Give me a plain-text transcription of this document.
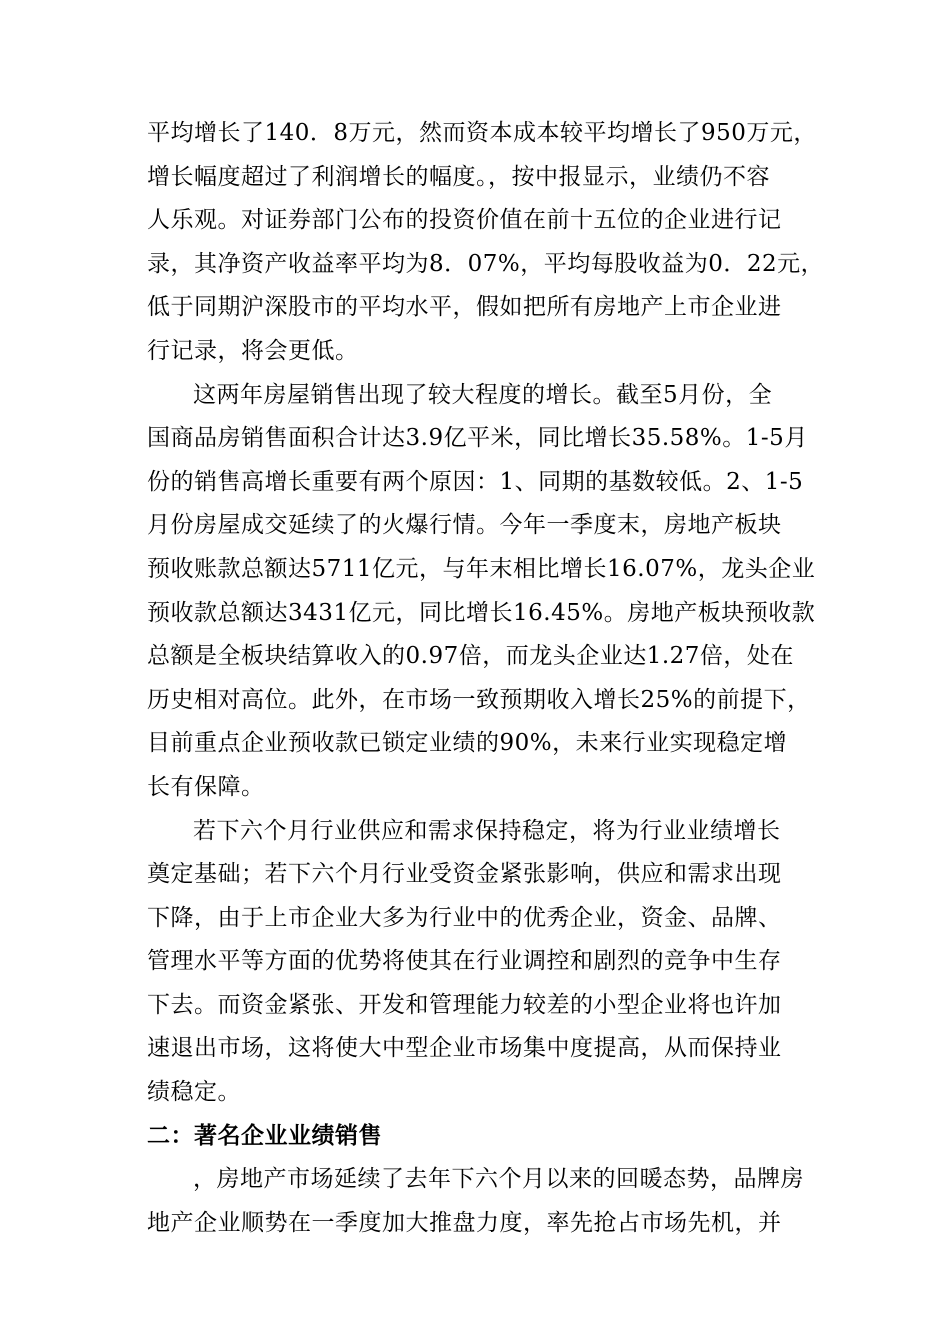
平均增长了140．8万元，然而资本成本较平均增长了950万元，
增长幅度超过了利润增长的幅度。，按中报显示，业绩仍不容
人乐观。对证券部门公布的投资价值在前十五位的企业进行记
录，其净资产收益率平均为8．07%，平均每股收益为0．22元，
低于同期沪深股市的平均水平，假如把所有房地产上市企业进
行记录，将会更低。
这两年房屋销售出现了较大程度的增长。截至5月份，全
国商品房销售面积合计达3.9亿平米，同比增长35.58%。1-5月
份的销售高增长重要有两个原因：1、同期的基数较低。2、1-5
月份房屋成交延续了的火爆行情。今年一季度末，房地产板块
预收账款总额达5711亿元，与年末相比增长16.07%，龙头企业
预收款总额达3431亿元，同比增长16.45%。房地产板块预收款
总额是全板块结算收入的0.97倍，而龙头企业达1.27倍，处在
历史相对高位。此外，在市场一致预期收入增长25%的前提下，
目前重点企业预收款已锁定业绩的90%，未来行业实现稳定增
长有保障。
若下六个月行业供应和需求保持稳定，将为行业业绩增长
奠定基础；若下六个月行业受资金紧张影响，供应和需求出现
下降，由于上市企业大多为行业中的优秀企业，资金、品牌、
管理水平等方面的优势将使其在行业调控和剧烈的竞争中生存
下去。而资金紧张、开发和管理能力较差的小型企业将也许加
速退出市场，这将使大中型企业市场集中度提高，从而保持业
绩稳定。
二：著名企业业绩销售
，房地产市场延续了去年下六个月以来的回暖态势，品牌房
地产企业顺势在一季度加大推盘力度，率先抢占市场先机，并
